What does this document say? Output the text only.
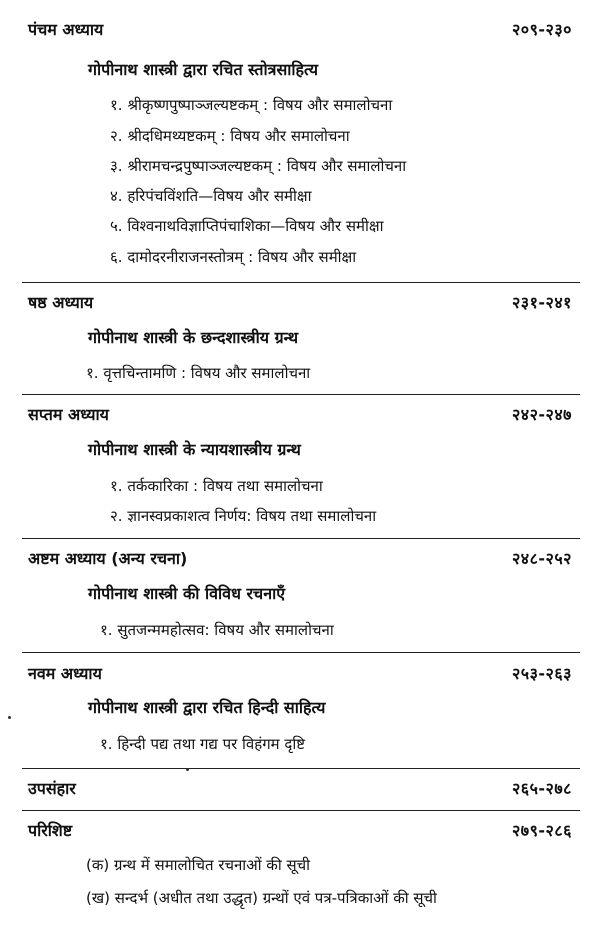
पंचम अध्याय	२०९-२३०
गोपीनाथ शास्त्री द्वारा रचित स्तोत्रसाहित्य
१. श्रीकृष्णपुष्पाञ्जल्यष्टकम् : विषय और समालोचना
२. श्रीदधिमथ्यष्टकम् : विषय और समालोचना
३. श्रीरामचन्द्रपुष्पाञ्जल्यष्टकम् : विषय और समालोचना
४. हरिपंचविंशति—विषय और समीक्षा
५. विश्वनाथविज्ञाप्तिपंचाशिका—विषय और समीक्षा
६. दामोदरनीराजनस्तोत्रम् : विषय और समीक्षा
षष्ठ अध्याय	२३१-२४१
गोपीनाथ शास्त्री के छन्दशास्त्रीय ग्रन्थ
१. वृत्तचिन्तामणि : विषय और समालोचना
सप्तम अध्याय	२४२-२४७
गोपीनाथ शास्त्री के न्यायशास्त्रीय ग्रन्थ
१. तर्ककारिका : विषय तथा समालोचना
२. ज्ञानस्वप्रकाशत्व निर्णय: विषय तथा समालोचना
अष्टम अध्याय (अन्य रचना)	२४८-२५२
गोपीनाथ शास्त्री की विविध रचनाएँ
१. सुतजन्ममहोत्सव: विषय और समालोचना
नवम अध्याय	२५३-२६३
गोपीनाथ शास्त्री द्वारा रचित हिन्दी साहित्य
१. हिन्दी पद्य तथा गद्य पर विहंगम दृष्टि
उपसंहार	२६५-२७८
परिशिष्ट	२७९-२८६
(क) ग्रन्थ में समालोचित रचनाओं की सूची
(ख) सन्दर्भ (अधीत तथा उद्धृत) ग्रन्थों एवं पत्र-पत्रिकाओं की सूची
